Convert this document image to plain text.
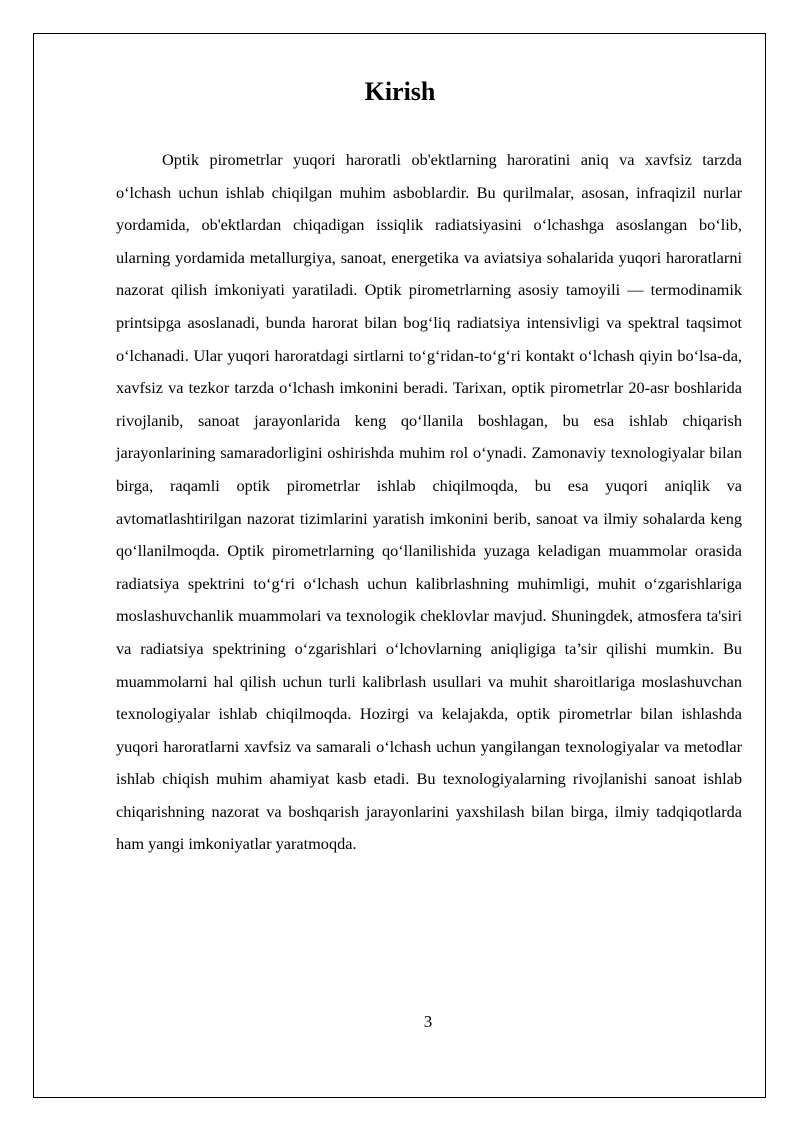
Kirish

Optik pirometrlar yuqori haroratli ob'ektlarning haroratini aniq va xavfsiz tarzda o‘lchash uchun ishlab chiqilgan muhim asboblardir. Bu qurilmalar, asosan, infraqizil nurlar yordamida, ob'ektlardan chiqadigan issiqlik radiatsiyasini o‘lchashga asoslangan bo‘lib, ularning yordamida metallurgiya, sanoat, energetika va aviatsiya sohalarida yuqori haroratlarni nazorat qilish imkoniyati yaratiladi. Optik pirometrlarning asosiy tamoyili — termodinamik printsipga asoslanadi, bunda harorat bilan bog‘liq radiatsiya intensivligi va spektral taqsimot o‘lchanadi. Ular yuqori haroratdagi sirtlarni to‘g‘ridan-to‘g‘ri kontakt o‘lchash qiyin bo‘lsa-da, xavfsiz va tezkor tarzda o‘lchash imkonini beradi. Tarixan, optik pirometrlar 20-asr boshlarida rivojlanib, sanoat jarayonlarida keng qo‘llanila boshlagan, bu esa ishlab chiqarish jarayonlarining samaradorligini oshirishda muhim rol o‘ynadi. Zamonaviy texnologiyalar bilan birga, raqamli optik pirometrlar ishlab chiqilmoqda, bu esa yuqori aniqlik va avtomatlashtirilgan nazorat tizimlarini yaratish imkonini berib, sanoat va ilmiy sohalarda keng qo‘llanilmoqda. Optik pirometrlarning qo‘llanilishida yuzaga keladigan muammolar orasida radiatsiya spektrini to‘g‘ri o‘lchash uchun kalibrlashning muhimligi, muhit o‘zgarishlariga moslashuvchanlik muammolari va texnologik cheklovlar mavjud. Shuningdek, atmosfera ta'siri va radiatsiya spektrining o‘zgarishlari o‘lchovlarning aniqligiga ta’sir qilishi mumkin. Bu muammolarni hal qilish uchun turli kalibrlash usullari va muhit sharoitlariga moslashuvchan texnologiyalar ishlab chiqilmoqda. Hozirgi va kelajakda, optik pirometrlar bilan ishlashda yuqori haroratlarni xavfsiz va samarali o‘lchash uchun yangilangan texnologiyalar va metodlar ishlab chiqish muhim ahamiyat kasb etadi. Bu texnologiyalarning rivojlanishi sanoat ishlab chiqarishning nazorat va boshqarish jarayonlarini yaxshilash bilan birga, ilmiy tadqiqotlarda ham yangi imkoniyatlar yaratmoqda.

3
